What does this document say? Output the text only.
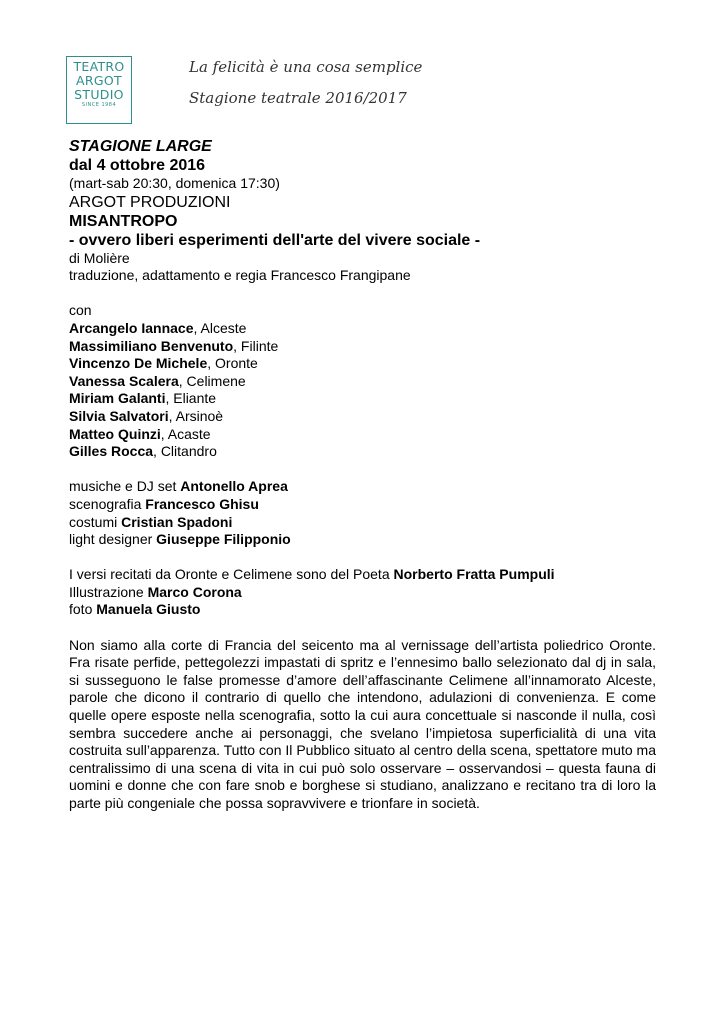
TEATRO
ARGOT
STUDIO
SINCE 1984
La felicità è una cosa semplice
Stagione teatrale 2016/2017
STAGIONE LARGE
dal 4 ottobre 2016
(mart-sab 20:30, domenica 17:30)
ARGOT PRODUZIONI
MISANTROPO
- ovvero liberi esperimenti dell'arte del vivere sociale -
di Molière
traduzione, adattamento e regia Francesco Frangipane
con
Arcangelo Iannace, Alceste
Massimiliano Benvenuto, Filinte
Vincenzo De Michele, Oronte
Vanessa Scalera, Celimene
Miriam Galanti, Eliante
Silvia Salvatori, Arsinoè
Matteo Quinzi, Acaste
Gilles Rocca, Clitandro
musiche e DJ set Antonello Aprea
scenografia Francesco Ghisu
costumi Cristian Spadoni
light designer Giuseppe Filipponio
I versi recitati da Oronte e Celimene sono del Poeta Norberto Fratta Pumpuli
Illustrazione Marco Corona
foto Manuela Giusto
Non siamo alla corte di Francia del seicento ma al vernissage dell’artista poliedrico Oronte. Fra risate perfide, pettegolezzi impastati di spritz e l’ennesimo ballo selezionato dal dj in sala, si susseguono le false promesse d’amore dell’affascinante Celimene all’innamorato Alceste, parole che dicono il contrario di quello che intendono, adulazioni di convenienza. E come quelle opere esposte nella scenografia, sotto la cui aura concettuale si nasconde il nulla, così sembra succedere anche ai personaggi, che svelano l’impietosa superficialità di una vita costruita sull’apparenza. Tutto con Il Pubblico situato al centro della scena, spettatore muto ma centralissimo di una scena di vita in cui può solo osservare – osservandosi – questa fauna di uomini e donne che con fare snob e borghese si studiano, analizzano e recitano tra di loro la parte più congeniale che possa sopravvivere e trionfare in società.
